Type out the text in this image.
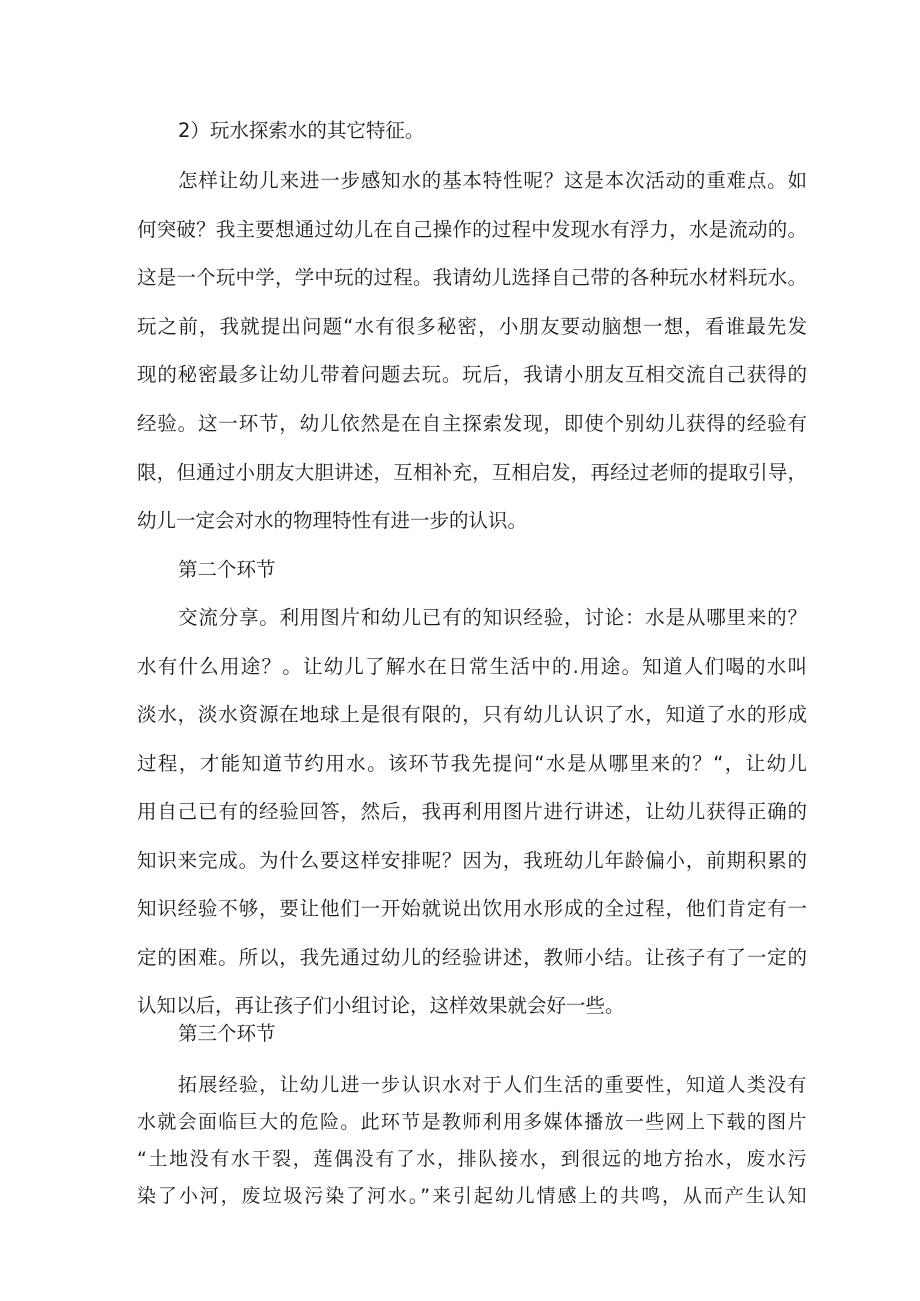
2）玩水探索水的其它特征。
怎样让幼儿来进一步感知水的基本特性呢？这是本次活动的重难点。如
何突破？我主要想通过幼儿在自己操作的过程中发现水有浮力，水是流动的。
这是一个玩中学，学中玩的过程。我请幼儿选择自己带的各种玩水材料玩水。
玩之前，我就提出问题“水有很多秘密，小朋友要动脑想一想，看谁最先发
现的秘密最多让幼儿带着问题去玩。玩后，我请小朋友互相交流自己获得的
经验。这一环节，幼儿依然是在自主探索发现，即使个别幼儿获得的经验有
限，但通过小朋友大胆讲述，互相补充，互相启发，再经过老师的提取引导，
幼儿一定会对水的物理特性有进一步的认识。
第二个环节
交流分享。利用图片和幼儿已有的知识经验，讨论：水是从哪里来的？
水有什么用途？。让幼儿了解水在日常生活中的.用途。知道人们喝的水叫
淡水，淡水资源在地球上是很有限的，只有幼儿认识了水，知道了水的形成
过程，才能知道节约用水。该环节我先提问“水是从哪里来的？“，让幼儿
用自己已有的经验回答，然后，我再利用图片进行讲述，让幼儿获得正确的
知识来完成。为什么要这样安排呢？因为，我班幼儿年龄偏小，前期积累的
知识经验不够，要让他们一开始就说出饮用水形成的全过程，他们肯定有一
定的困难。所以，我先通过幼儿的经验讲述，教师小结。让孩子有了一定的
认知以后，再让孩子们小组讨论，这样效果就会好一些。
第三个环节
拓展经验，让幼儿进一步认识水对于人们生活的重要性，知道人类没有
水就会面临巨大的危险。此环节是教师利用多媒体播放一些网上下载的图片
“土地没有水干裂，莲偶没有了水，排队接水，到很远的地方抬水，废水污
染了小河，废垃圾污染了河水。”来引起幼儿情感上的共鸣，从而产生认知
